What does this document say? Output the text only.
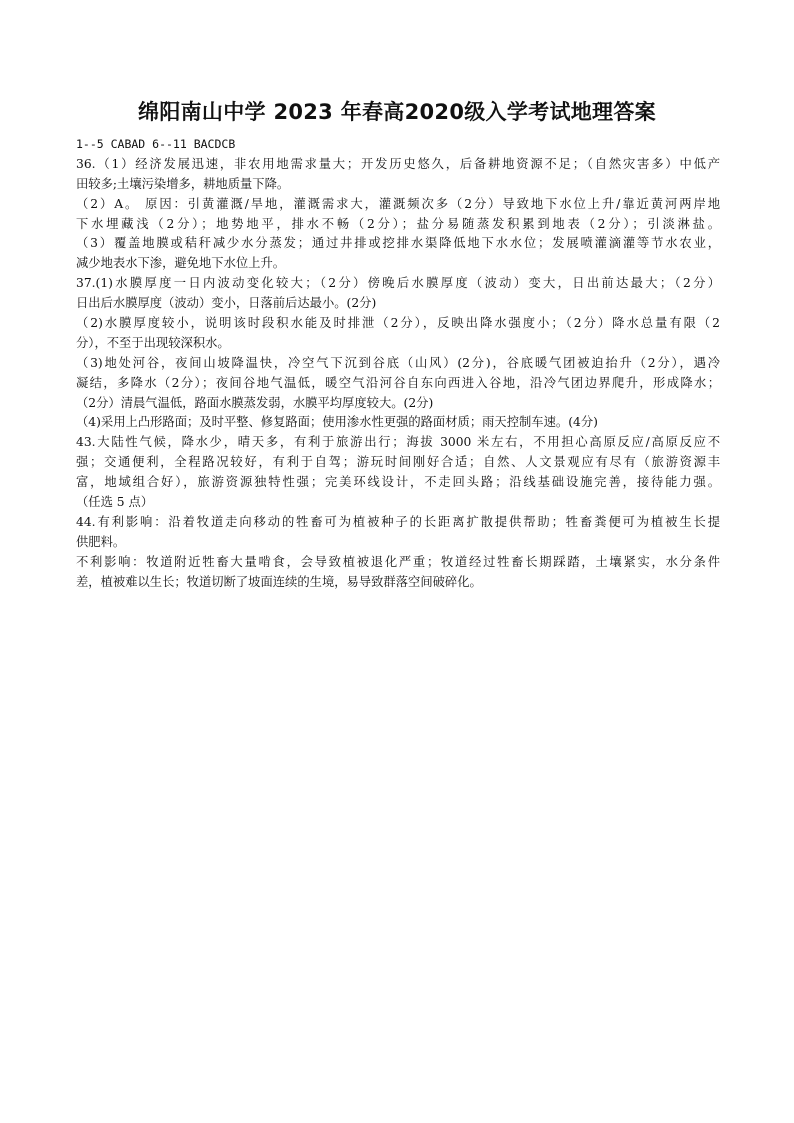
绵阳南山中学 2023 年春高2020级入学考试地理答案
1--5 CABAD 6--11 BACDCB
36.（1）经济发展迅速，非农用地需求量大；开发历史悠久，后备耕地资源不足；（自然灾害多）中低产
田较多;土壤污染增多，耕地质量下降。
（2）A。 原因：引黄灌溉/旱地，灌溉需求大，灌溉频次多（2分）导致地下水位上升/靠近黄河两岸地
下水埋藏浅（2分）；地势地平，排水不畅（2分）；盐分易随蒸发积累到地表（2分）；引淡淋盐。
（3）覆盖地膜或秸秆减少水分蒸发；通过井排或挖排水渠降低地下水水位；发展喷灌滴灌等节水农业，
减少地表水下渗，避免地下水位上升。
37.(1)水膜厚度一日内波动变化较大；（2分）傍晚后水膜厚度（波动）变大，日出前达最大；（2分）
日出后水膜厚度（波动）变小，日落前后达最小。(2分)
（2)水膜厚度较小，说明该时段积水能及时排泄（2分），反映出降水强度小；（2分）降水总量有限（2
分），不至于出现较深积水。
（3)地处河谷，夜间山坡降温快，冷空气下沉到谷底（山风）(2分)，谷底暖气团被迫抬升（2分），遇冷
凝结，多降水（2分）；夜间谷地气温低，暖空气沿河谷自东向西进入谷地，沿冷气团边界爬升，形成降水；
（2分）清晨气温低，路面水膜蒸发弱，水膜平均厚度较大。(2分)
（4)采用上凸形路面；及时平整、修复路面；使用渗水性更强的路面材质；雨天控制车速。(4分)
43.大陆性气候，降水少，晴天多，有利于旅游出行；海拔 3000 米左右，不用担心高原反应/高原反应不
强；交通便利，全程路况较好，有利于自驾；游玩时间刚好合适；自然、人文景观应有尽有（旅游资源丰
富，地域组合好），旅游资源独特性强；完美环线设计，不走回头路；沿线基础设施完善，接待能力强。
（任选 5 点）
44.有利影响：沿着牧道走向移动的牲畜可为植被种子的长距离扩散提供帮助；牲畜粪便可为植被生长提
供肥料。
不利影响：牧道附近牲畜大量啃食，会导致植被退化严重；牧道经过牲畜长期踩踏，土壤紧实，水分条件
差，植被难以生长；牧道切断了坡面连续的生境，易导致群落空间破碎化。
